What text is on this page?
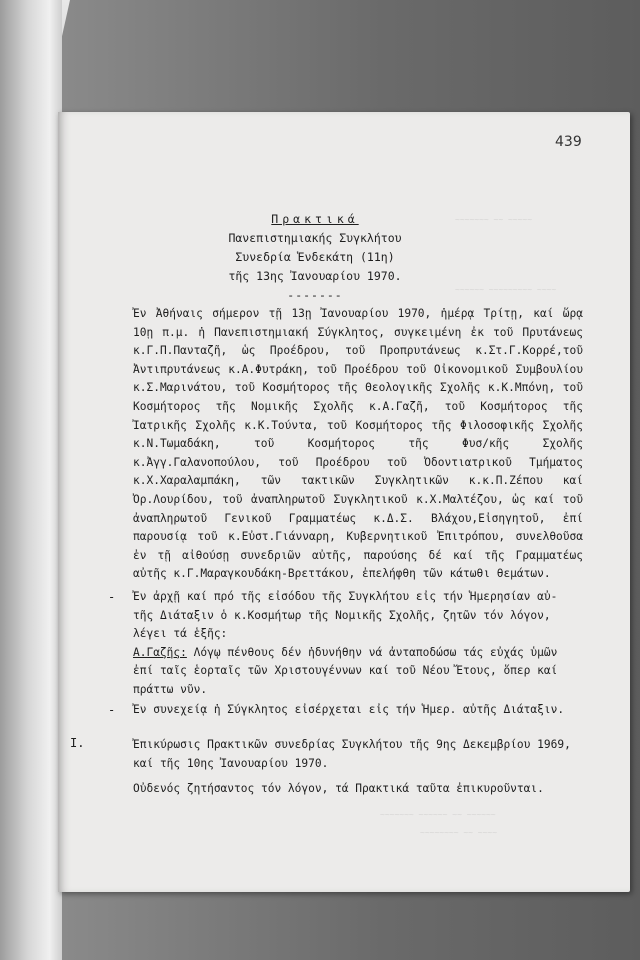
~~~~~~~ ~~ ~~~~~
~~~~~~ ~~~~~~~~~ ~~~~
~~~~~~~ ~~~~~~ ~~ ~~~~~~
~~~~~~~~ ~~ ~~~~
439
Πρακτικά
Πανεπιστημιακής Συγκλήτου
Συνεδρία Ἑνδεκάτη (11η)
τῆς 13ης Ἰανουαρίου 1970.
-------
Ἐν Ἀθήναις σήμερον τῇ 13ῃ Ἰανουαρίου 1970, ἡμέρᾳ Τρίτῃ, καί ὥρᾳ 10ῃ π.μ. ἡ Πανεπιστημιακή Σύγκλητος, συγκειμένη ἐκ τοῦ Πρυτάνεως κ.Γ.Π.Πανταζῆ, ὡς Προέδρου, τοῦ Προπρυτάνεως κ.Στ.Γ.Κορρέ,τοῦ Ἀντιπρυτάνεως κ.Α.Φυτράκη, τοῦ Προέδρου τοῦ Οἰκονομικοῦ Συμβουλίου κ.Σ.Μαρινάτου, τοῦ Κοσμήτορος τῆς Θεολογικῆς Σχολῆς κ.Κ.Μπόνη, τοῦ Κοσμήτορος τῆς Νομικῆς Σχολῆς κ.Α.Γαζῆ, τοῦ Κοσμήτορος τῆς Ἰατρικῆς Σχολῆς κ.Κ.Τούντα, τοῦ Κοσμήτορος τῆς Φιλοσοφικῆς Σχολῆς κ.Ν.Τωμαδάκη, τοῦ Κοσμήτορος τῆς Φυσ/κῆς Σχολῆς κ.Ἀγγ.Γαλανοπούλου, τοῦ Προέδρου τοῦ Ὀδοντιατρικοῦ Τμήματος κ.Χ.Χαραλαμπάκη, τῶν τακτικῶν Συγκλητικῶν κ.κ.Π.Ζέπου καί Ὀρ.Λουρίδου, τοῦ ἀναπληρωτοῦ Συγκλητικοῦ κ.Χ.Μαλτέζου, ὡς καί τοῦ ἀναπληρωτοῦ Γενικοῦ Γραμματέως κ.Δ.Σ. Βλάχου,Εἰσηγητοῦ, ἐπί παρουσίᾳ τοῦ κ.Εὐστ.Γιάνναρη, Κυβερνητικοῦ Ἐπιτρόπου, συνελθοῦσα ἐν τῇ αἰθούσῃ συνεδριῶν αὐτῆς, παρούσης δέ καί τῆς Γραμματέως αὐτῆς κ.Γ.Μαραγκουδάκη-Βρεττάκου, ἐπελήφθη τῶν κάτωθι θεμάτων.
- Ἐν ἀρχῇ καί πρό τῆς εἰσόδου τῆς Συγκλήτου εἰς τήν Ἡμερησίαν αὐ-
τῆς Διάταξιν ὁ κ.Κοσμήτωρ τῆς Νομικῆς Σχολῆς, ζητῶν τόν λόγον,
λέγει τά ἑξῆς:
Α.Γαζῆς: Λόγῳ πένθους δέν ἠδυνήθην νά ἀνταποδώσω τάς εὐχάς ὑμῶν
ἐπί ταῖς ἑορταῖς τῶν Χριστουγέννων καί τοῦ Νέου Ἔτους, ὅπερ καί
πράττω νῦν.
- Ἐν συνεχείᾳ ἡ Σύγκλητος εἰσέρχεται εἰς τήν Ἡμερ. αὐτῆς Διάταξιν.
I.	Ἐπικύρωσις Πρακτικῶν συνεδρίας Συγκλήτου τῆς 9ης Δεκεμβρίου 1969,
καί τῆς 10ης Ἰανουαρίου 1970.
Οὐδενός ζητήσαντος τόν λόγον, τά Πρακτικά ταῦτα ἐπικυροῦνται.
